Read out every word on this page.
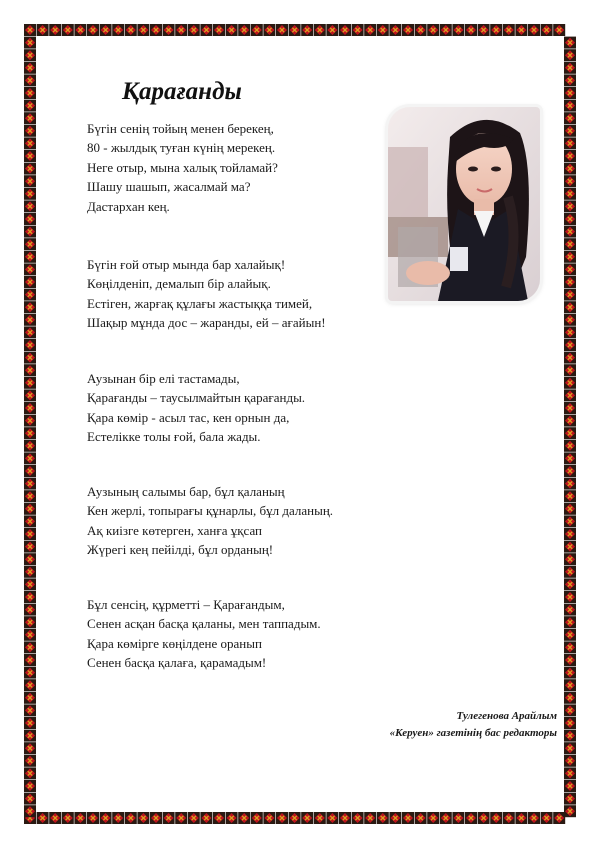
Қарағанды
Бүгін сенің тойың менен берекең,
80 - жылдық туған күнің мерекең.
Неге отыр, мына халық тойламай?
Шашу шашып, жасалмай ма?
Дастархан кең.
Бүгін ғой отыр мында бар халайық!
Көңілденіп, демалып бір алайық.
Естіген, жарғақ құлағы жастыққа тимей,
Шақыр мұнда дос – жаранды, ей – ағайын!
Аузынан бір елі тастамады,
Қарағанды – таусылмайтын қарағанды.
Қара көмір - асыл тас, кен орнын да,
Естелікке толы ғой, бала жады.
Аузының салымы бар, бұл қаланың
Кен жерлі, топырағы құнарлы, бұл даланың.
Ақ киізге көтерген, ханға ұқсап
Жүрегі кең пейілді, бұл орданың!
Бұл сенсің, құрметті – Қарағандым,
Сенен асқан басқа қаланы, мен таппадым.
Қара көмірге көңілдене оранып
Сенен басқа қалаға, қарамадым!
Тулегенова Арайлым
«Керуен» газетінің бас редакторы
